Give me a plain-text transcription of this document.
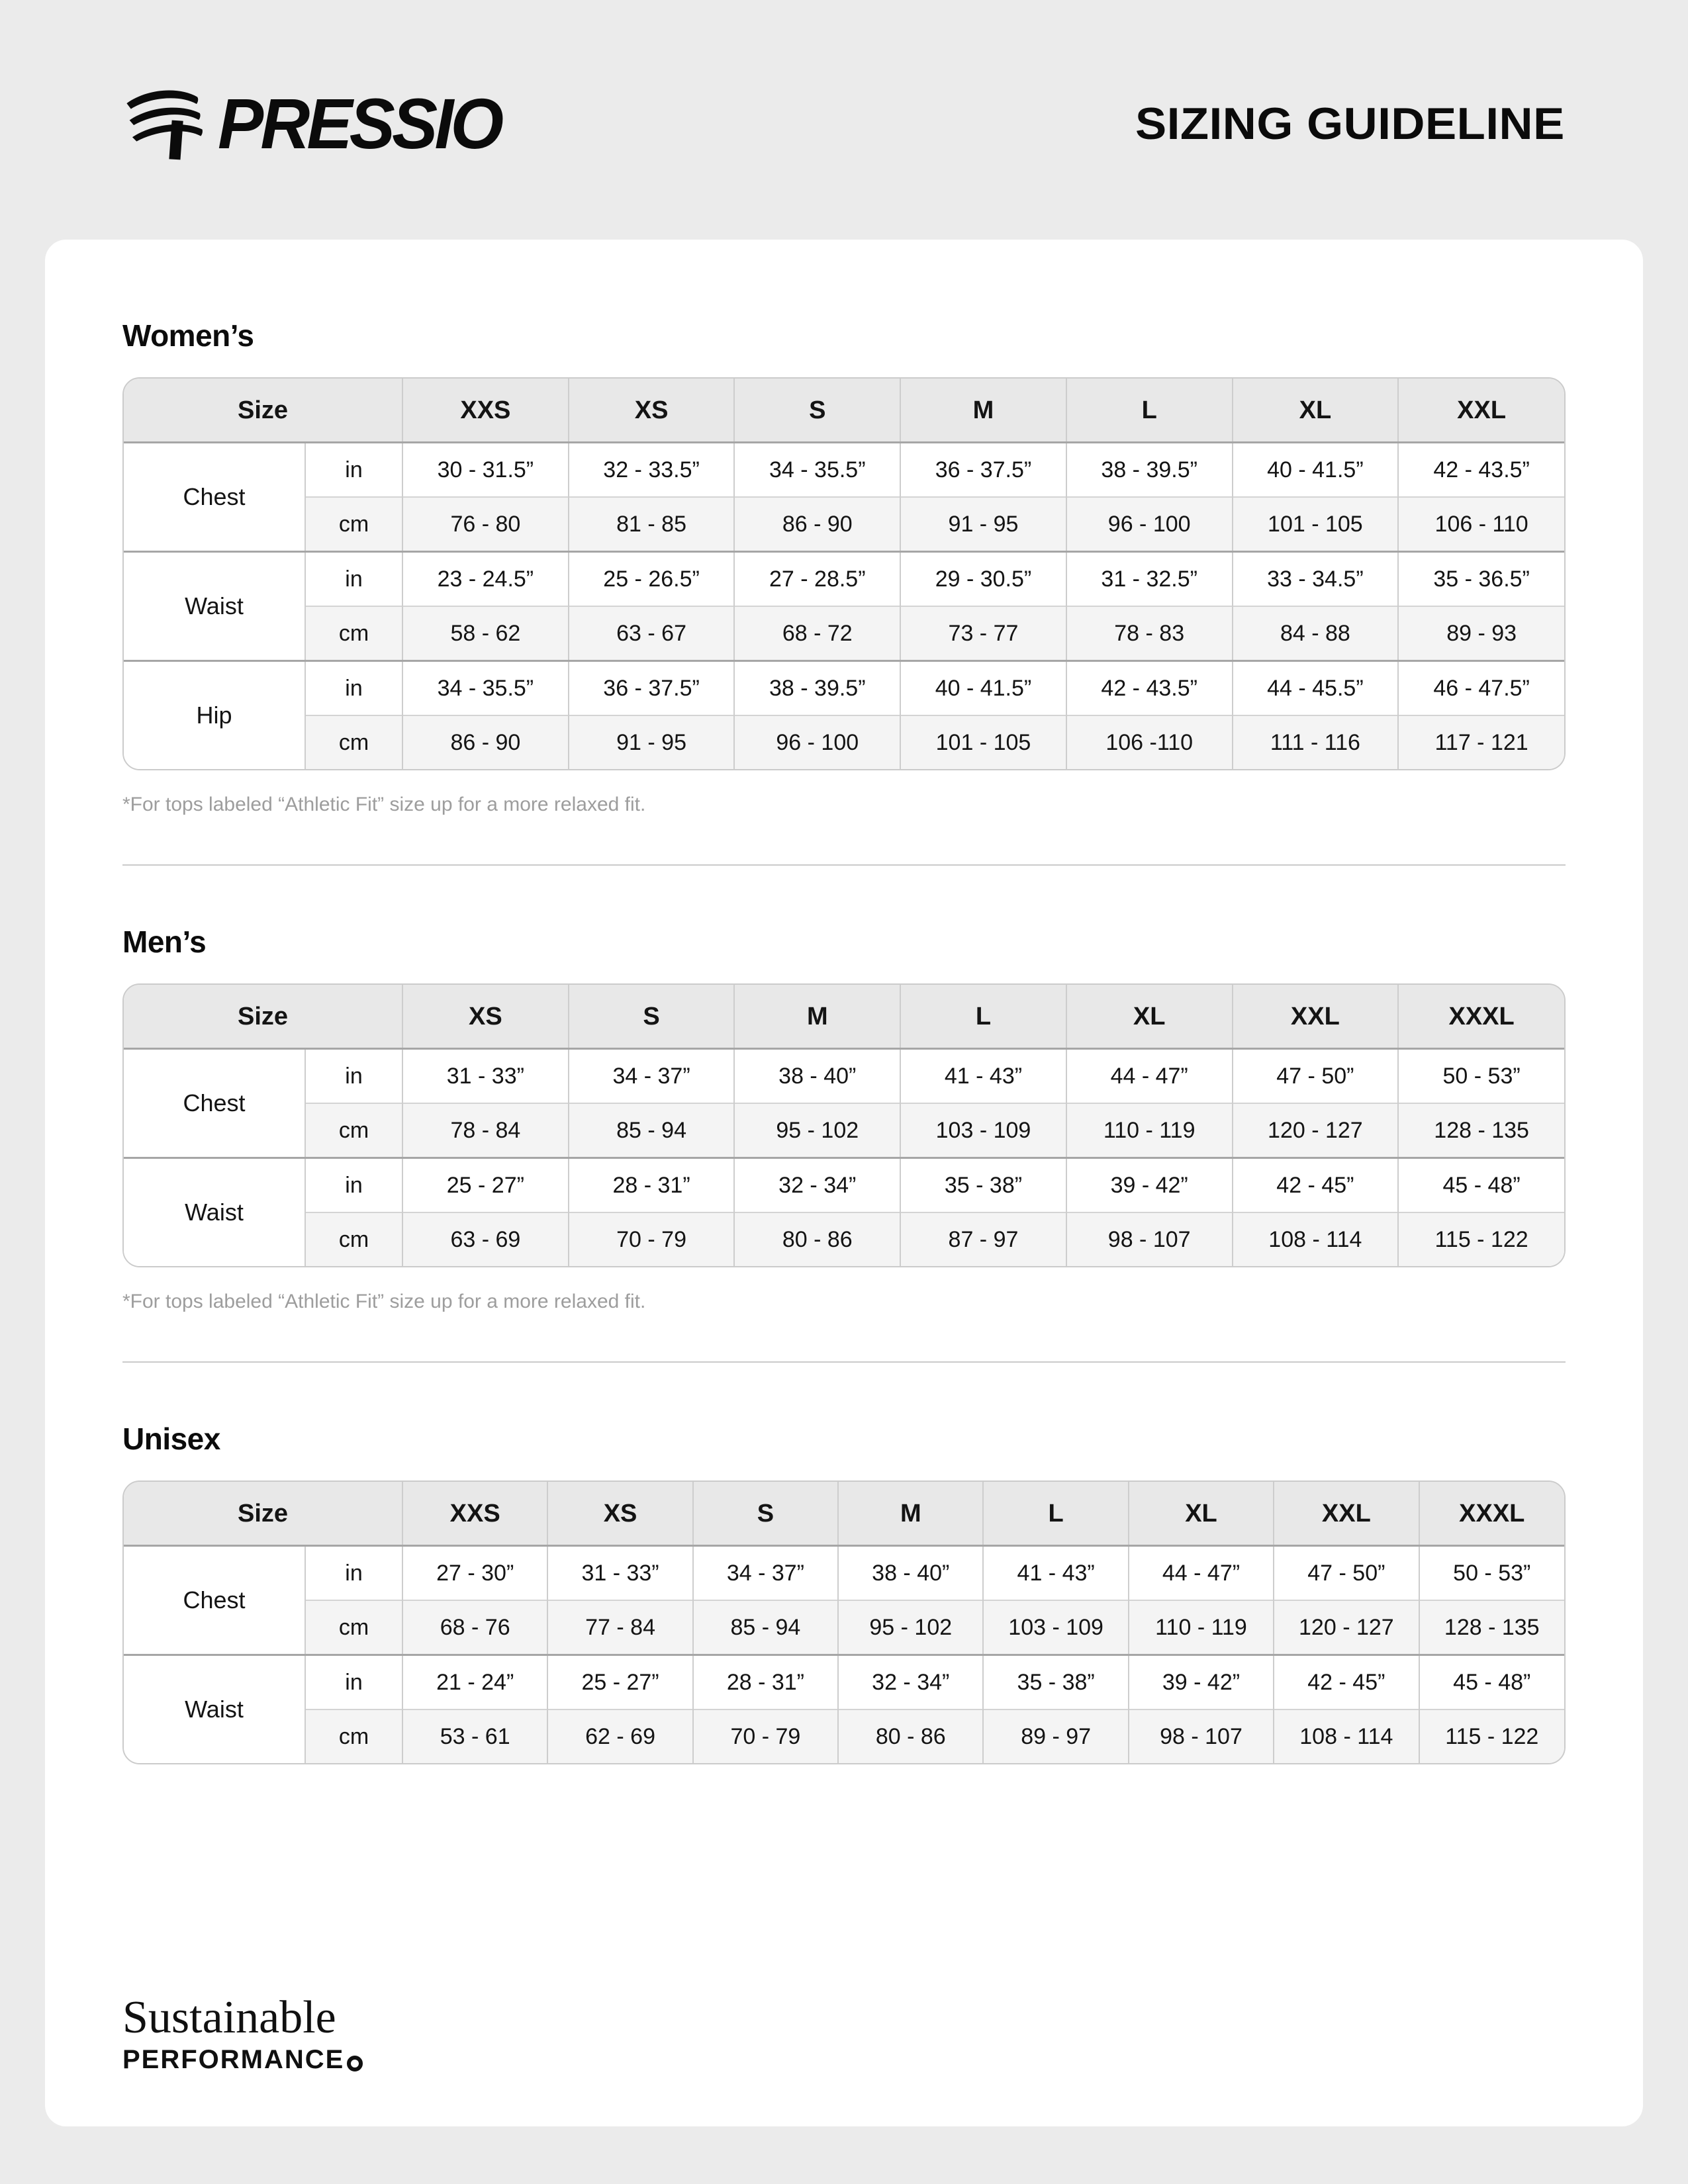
PRESSIO	SIZING GUIDELINE
Women’s
Size		XXS	XS	S	M	L	XL	XXL
Chest	in	30 - 31.5”	32 - 33.5”	34 - 35.5”	36 - 37.5”	38 - 39.5”	40 - 41.5”	42 - 43.5”
	cm	76 - 80	81 - 85	86 - 90	91 - 95	96 - 100	101 - 105	106 - 110
Waist	in	23 - 24.5”	25 - 26.5”	27 - 28.5”	29 - 30.5”	31 - 32.5”	33 - 34.5”	35 - 36.5”
	cm	58 - 62	63 - 67	68 - 72	73 - 77	78 - 83	84 - 88	89 - 93
Hip	in	34 - 35.5”	36 - 37.5”	38 - 39.5”	40 - 41.5”	42 - 43.5”	44 - 45.5”	46 - 47.5”
	cm	86 - 90	91 - 95	96 - 100	101 - 105	106 -110	111 - 116	117 - 121

*For tops labeled “Athletic Fit” size up for a more relaxed fit.

Men’s
Size		XS	S	M	L	XL	XXL	XXXL
Chest	in	31 - 33”	34 - 37”	38 - 40”	41 - 43”	44 - 47”	47 - 50”	50 - 53”
	cm	78 - 84	85 - 94	95 - 102	103 - 109	110 - 119	120 - 127	128 - 135
Waist	in	25 - 27”	28 - 31”	32 - 34”	35 - 38”	39 - 42”	42 - 45”	45 - 48”
	cm	63 - 69	70 - 79	80 - 86	87 - 97	98 - 107	108 - 114	115 - 122

*For tops labeled “Athletic Fit” size up for a more relaxed fit.

Unisex
Size		XXS	XS	S	M	L	XL	XXL	XXXL
Chest	in	27 - 30”	31 - 33”	34 - 37”	38 - 40”	41 - 43”	44 - 47”	47 - 50”	50 - 53”
	cm	68 - 76	77 - 84	85 - 94	95 - 102	103 - 109	110 - 119	120 - 127	128 - 135
Waist	in	21 - 24”	25 - 27”	28 - 31”	32 - 34”	35 - 38”	39 - 42”	42 - 45”	45 - 48”
	cm	53 - 61	62 - 69	70 - 79	80 - 86	89 - 97	98 - 107	108 - 114	115 - 122
Sustainable
PERFORMANCE
